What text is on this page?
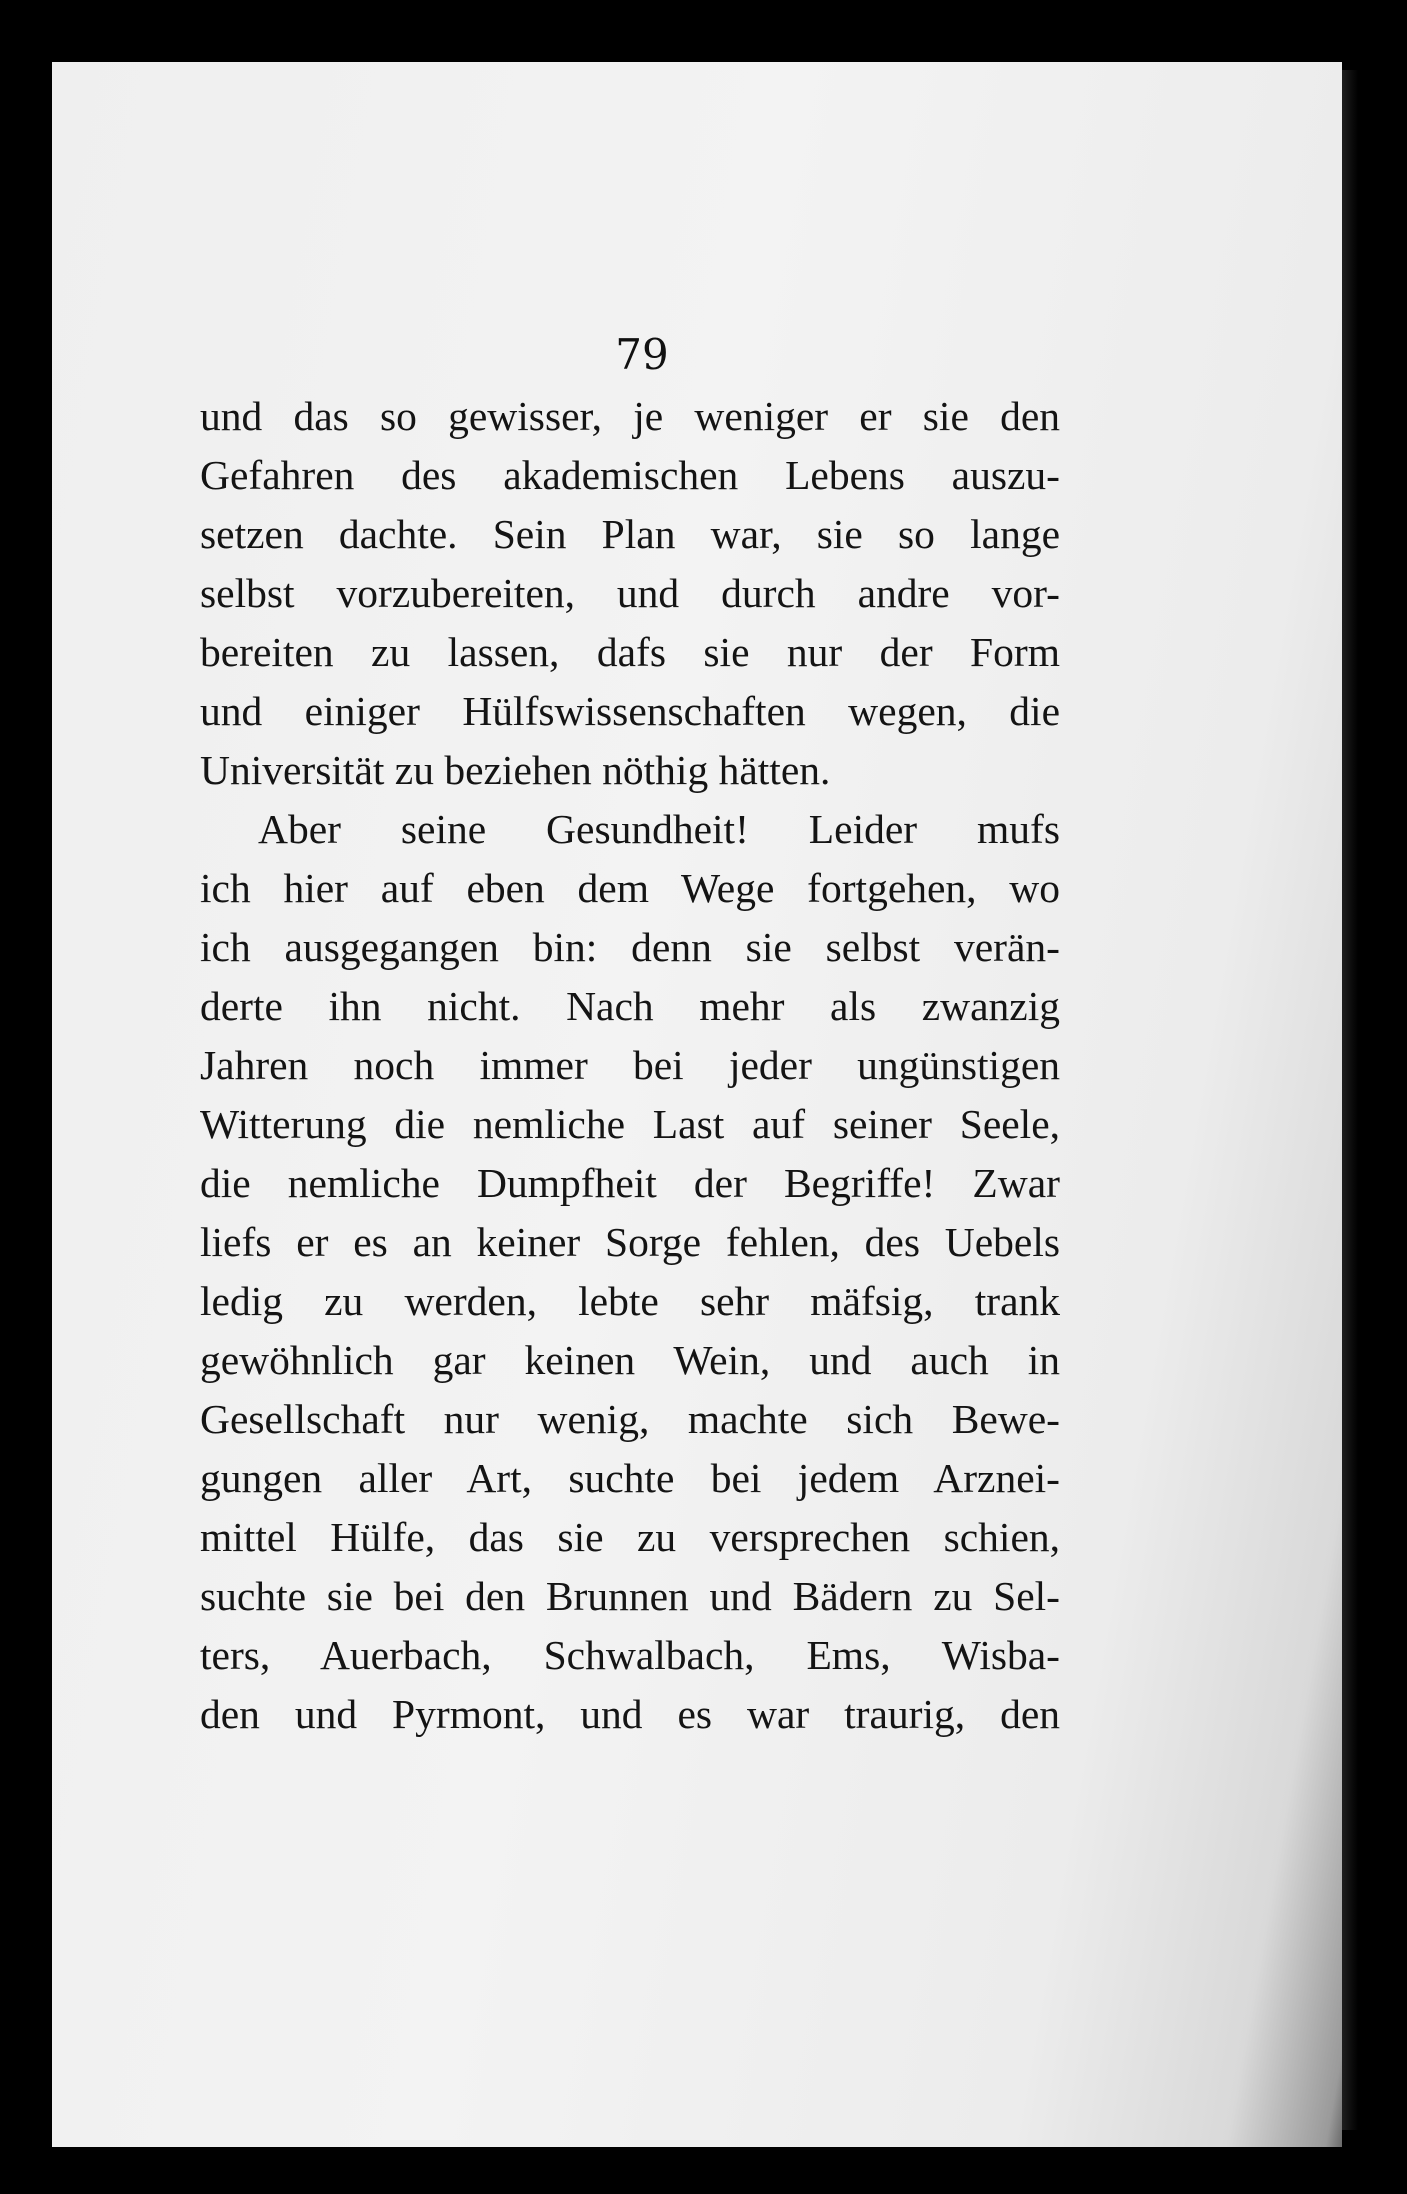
79
und das so gewisser, je weniger er sie den
Gefahren des akademischen Lebens auszu-
setzen dachte. Sein Plan war, sie so lange
selbst vorzubereiten, und durch andre vor-
bereiten zu lassen, dafs sie nur der Form
und einiger Hülfswissenschaften wegen, die
Universität zu beziehen nöthig hätten.
Aber seine Gesundheit! Leider mufs
ich hier auf eben dem Wege fortgehen, wo
ich ausgegangen bin: denn sie selbst verän-
derte ihn nicht. Nach mehr als zwanzig
Jahren noch immer bei jeder ungünstigen
Witterung die nemliche Last auf seiner Seele,
die nemliche Dumpfheit der Begriffe! Zwar
liefs er es an keiner Sorge fehlen, des Uebels
ledig zu werden, lebte sehr mäfsig, trank
gewöhnlich gar keinen Wein, und auch in
Gesellschaft nur wenig, machte sich Bewe-
gungen aller Art, suchte bei jedem Arznei-
mittel Hülfe, das sie zu versprechen schien,
suchte sie bei den Brunnen und Bädern zu Sel-
ters, Auerbach, Schwalbach, Ems, Wisba-
den und Pyrmont, und es war traurig, den
